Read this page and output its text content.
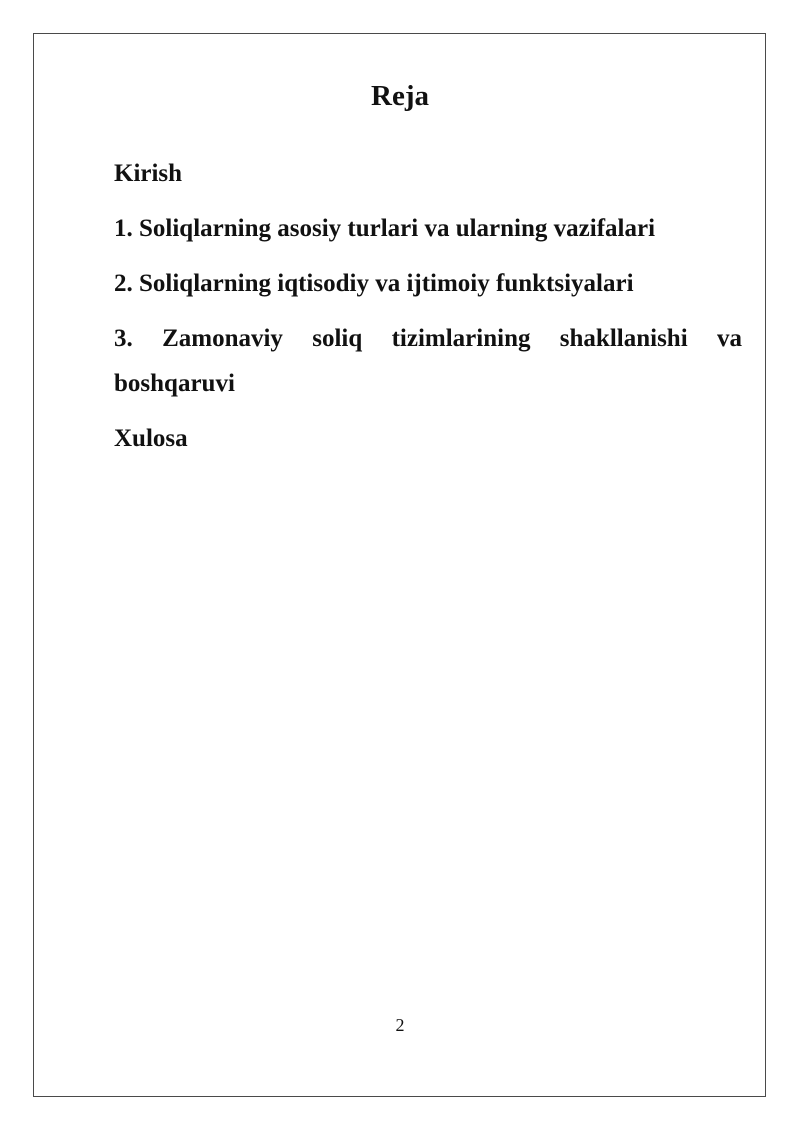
Reja
Kirish
1. Soliqlarning asosiy turlari va ularning vazifalari
2. Soliqlarning iqtisodiy va ijtimoiy funktsiyalari
3. Zamonaviy soliq tizimlarining shakllanishi va boshqaruvi
Xulosa
2
